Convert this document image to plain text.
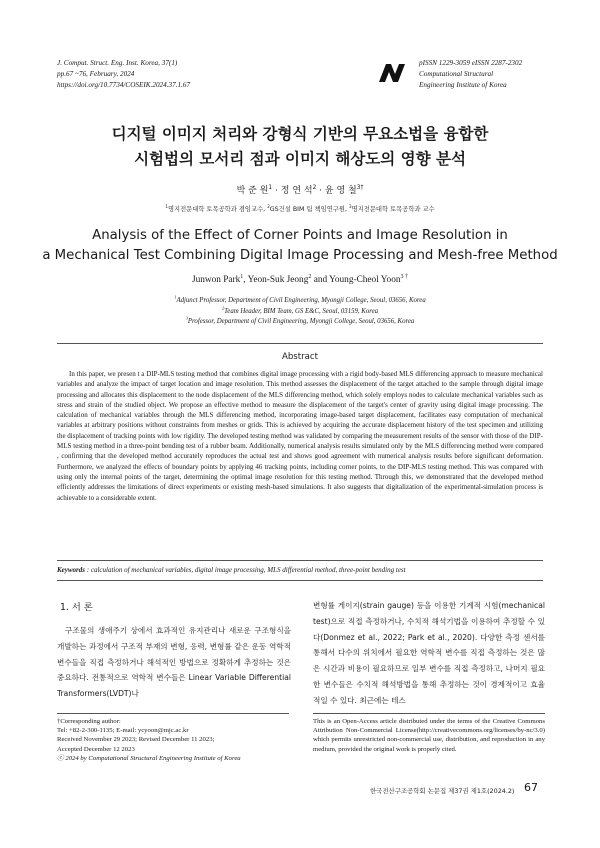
J. Comput. Struct. Eng. Inst. Korea, 37(1)
pp.67 ~76, February, 2024
https://doi.org/10.7734/COSEIK.2024.37.1.67
pISSN 1229-3059 eISSN 2287-2302
Computational Structural
Engineering Institute of Korea
디지털 이미지 처리와 강형식 기반의 무요소법을 융합한
시험법의 모서리 점과 이미지 해상도의 영향 분석
박 준 원$^1$ · 정 연 석$^2$ · 윤 영 철$^{3\dagger}$
$^1$명지전문대학 토목공학과 겸임교수, $^2$GS건설 BIM 팀 책임연구원, $^3$명지전문대학 토목공학과 교수
Analysis of the Effect of Corner Points and Image Resolution in
a Mechanical Test Combining Digital Image Processing and Mesh-free Method
Junwon Park$^1$, Yeon-Suk Jeong$^2$ and Young-Cheol Yoon$^{3 \dagger}$
$^1$Adjunct Professor, Department of Civil Engineering, Myongji College, Seoul, 03656, Korea
$^2$Team Header, BIM Team, GS E&C, Seoul, 03159, Korea
$^3$Professor, Department of Civil Engineering, Myongji College, Seoul, 03656, Korea
Abstract
In this paper, we presen t a DIP-MLS testing method that combines digital image processing with a rigid body-based MLS differencing approach to measure mechanical variables and analyze the impact of target location and image resolution. This method assesses the displacement of the target attached to the sample through digital image processing and allocates this displacement to the node displacement of the MLS differencing method, which solely employs nodes to calculate mechanical variables such as stress and strain of the studied object. We propose an effective method to measure the displacement of the target's center of gravity using digital image processing. The calculation of mechanical variables through the MLS differencing method, incorporating image-based target displacement, facilitates easy computation of mechanical variables at arbitrary positions without constraints from meshes or grids. This is achieved by acquiring the accurate displacement history of the test specimen and utilizing the displacement of tracking points with low rigidity. The developed testing method was validated by comparing the measurement results of the sensor with those of the DIP-MLS testing method in a three-point bending test of a rubber beam. Additionally, numerical analysis results simulated only by the MLS differencing method were compared , confirming that the developed method accurately reproduces the actual test and shows good agreement with numerical analysis results before significant deformation. Furthermore, we analyzed the effects of boundary points by applying 46 tracking points, including corner points, to the DIP-MLS testing method. This was compared with using only the internal points of the target, determining the optimal image resolution for this testing method. Through this, we demonstrated that the developed method efficiently addresses the limitations of direct experiments or existing mesh-based simulations. It also suggests that digitalization of the experimental-simulation process is achievable to a considerable extent.
Keywords : calculation of mechanical variables, digital image processing, MLS differential method, three-point bending test
1. 서 론
구조물의 생애주기 상에서 효과적인 유지관리나 새로운 구조형식을 개발하는 과정에서 구조적 부재의 변형, 응력, 변형률 같은 운동 역학적 변수들을 직접 측정하거나 해석적인 방법으로 정확하게 추정하는 것은 중요하다. 전통적으로 역학적 변수들은 Linear Variable Differential Transformers(LVDT)나
변형률 게이지(strain gauge) 등을 이용한 기계적 시험(mechanical test)으로 직접 측정하거나, 수치적 해석기법을 이용하여 추정할 수 있다(Donmez et al., 2022; Park et al., 2020). 다양한 측정 센서를 통해서 다수의 위치에서 필요한 역학적 변수를 직접 측정하는 것은 많은 시간과 비용이 필요하므로 일부 변수를 직접 측정하고, 나머지 필요한 변수들은 수치적 해석방법을 통해 추정하는 것이 경제적이고 효율적일 수 있다. 최근에는 테스
†Corresponding author:
Tel: +82-2-300-1135; E-mail: ycyoon@mjc.ac.kr
Received November 29 2023; Revised December 11 2023;
Accepted December 12 2023
ⓒ 2024 by Computational Structural Engineering Institute of Korea
This is an Open-Access article distributed under the terms of the Creative Commons Attribution Non-Commercial License(http://creativecommons.org/licenses/by-nc/3.0) which permits unrestricted non-commercial use, distribution, and reproduction in any medium, provided the original work is properly cited.
한국전산구조공학회 논문집 제37권 제1호(2024.2) 67
